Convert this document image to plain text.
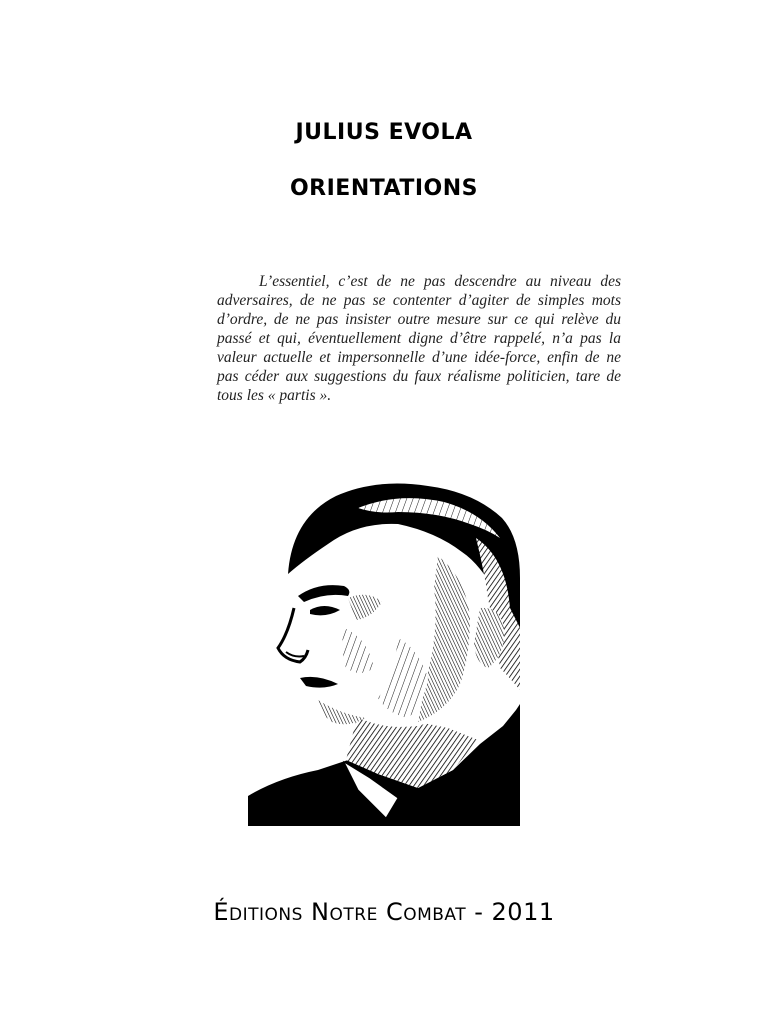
JULIUS EVOLA
ORIENTATIONS

L’essentiel, c’est de ne pas descendre au niveau des adversaires, de ne pas se contenter d’agiter de simples mots d’ordre, de ne pas insister outre mesure sur ce qui relève du passé et qui, éventuellement digne d’être rappelé, n’a pas la valeur actuelle et impersonnelle d’une idée-force, enfin de ne pas céder aux suggestions du faux réalisme politicien, tare de tous les « partis ».

Éditions Notre Combat - 2011
